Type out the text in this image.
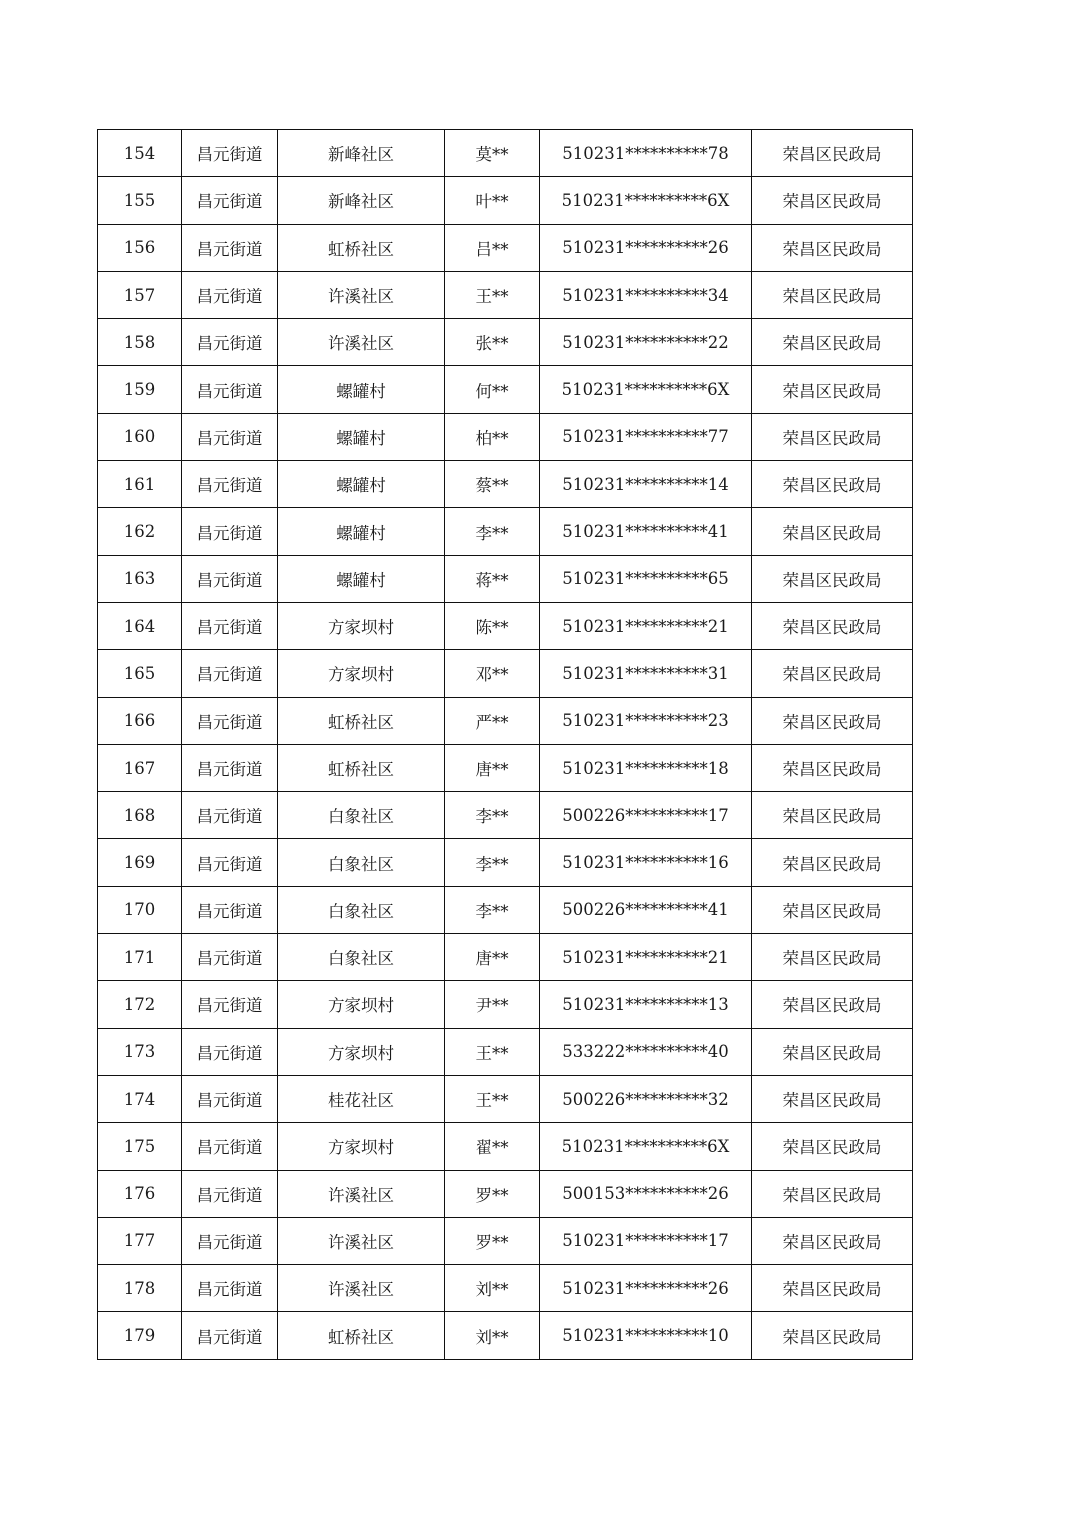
154	昌元街道	新峰社区	莫**	510231**********78	荣昌区民政局
155	昌元街道	新峰社区	叶**	510231**********6X	荣昌区民政局
156	昌元街道	虹桥社区	吕**	510231**********26	荣昌区民政局
157	昌元街道	许溪社区	王**	510231**********34	荣昌区民政局
158	昌元街道	许溪社区	张**	510231**********22	荣昌区民政局
159	昌元街道	螺罐村	何**	510231**********6X	荣昌区民政局
160	昌元街道	螺罐村	柏**	510231**********77	荣昌区民政局
161	昌元街道	螺罐村	蔡**	510231**********14	荣昌区民政局
162	昌元街道	螺罐村	李**	510231**********41	荣昌区民政局
163	昌元街道	螺罐村	蒋**	510231**********65	荣昌区民政局
164	昌元街道	方家坝村	陈**	510231**********21	荣昌区民政局
165	昌元街道	方家坝村	邓**	510231**********31	荣昌区民政局
166	昌元街道	虹桥社区	严**	510231**********23	荣昌区民政局
167	昌元街道	虹桥社区	唐**	510231**********18	荣昌区民政局
168	昌元街道	白象社区	李**	500226**********17	荣昌区民政局
169	昌元街道	白象社区	李**	510231**********16	荣昌区民政局
170	昌元街道	白象社区	李**	500226**********41	荣昌区民政局
171	昌元街道	白象社区	唐**	510231**********21	荣昌区民政局
172	昌元街道	方家坝村	尹**	510231**********13	荣昌区民政局
173	昌元街道	方家坝村	王**	533222**********40	荣昌区民政局
174	昌元街道	桂花社区	王**	500226**********32	荣昌区民政局
175	昌元街道	方家坝村	翟**	510231**********6X	荣昌区民政局
176	昌元街道	许溪社区	罗**	500153**********26	荣昌区民政局
177	昌元街道	许溪社区	罗**	510231**********17	荣昌区民政局
178	昌元街道	许溪社区	刘**	510231**********26	荣昌区民政局
179	昌元街道	虹桥社区	刘**	510231**********10	荣昌区民政局
